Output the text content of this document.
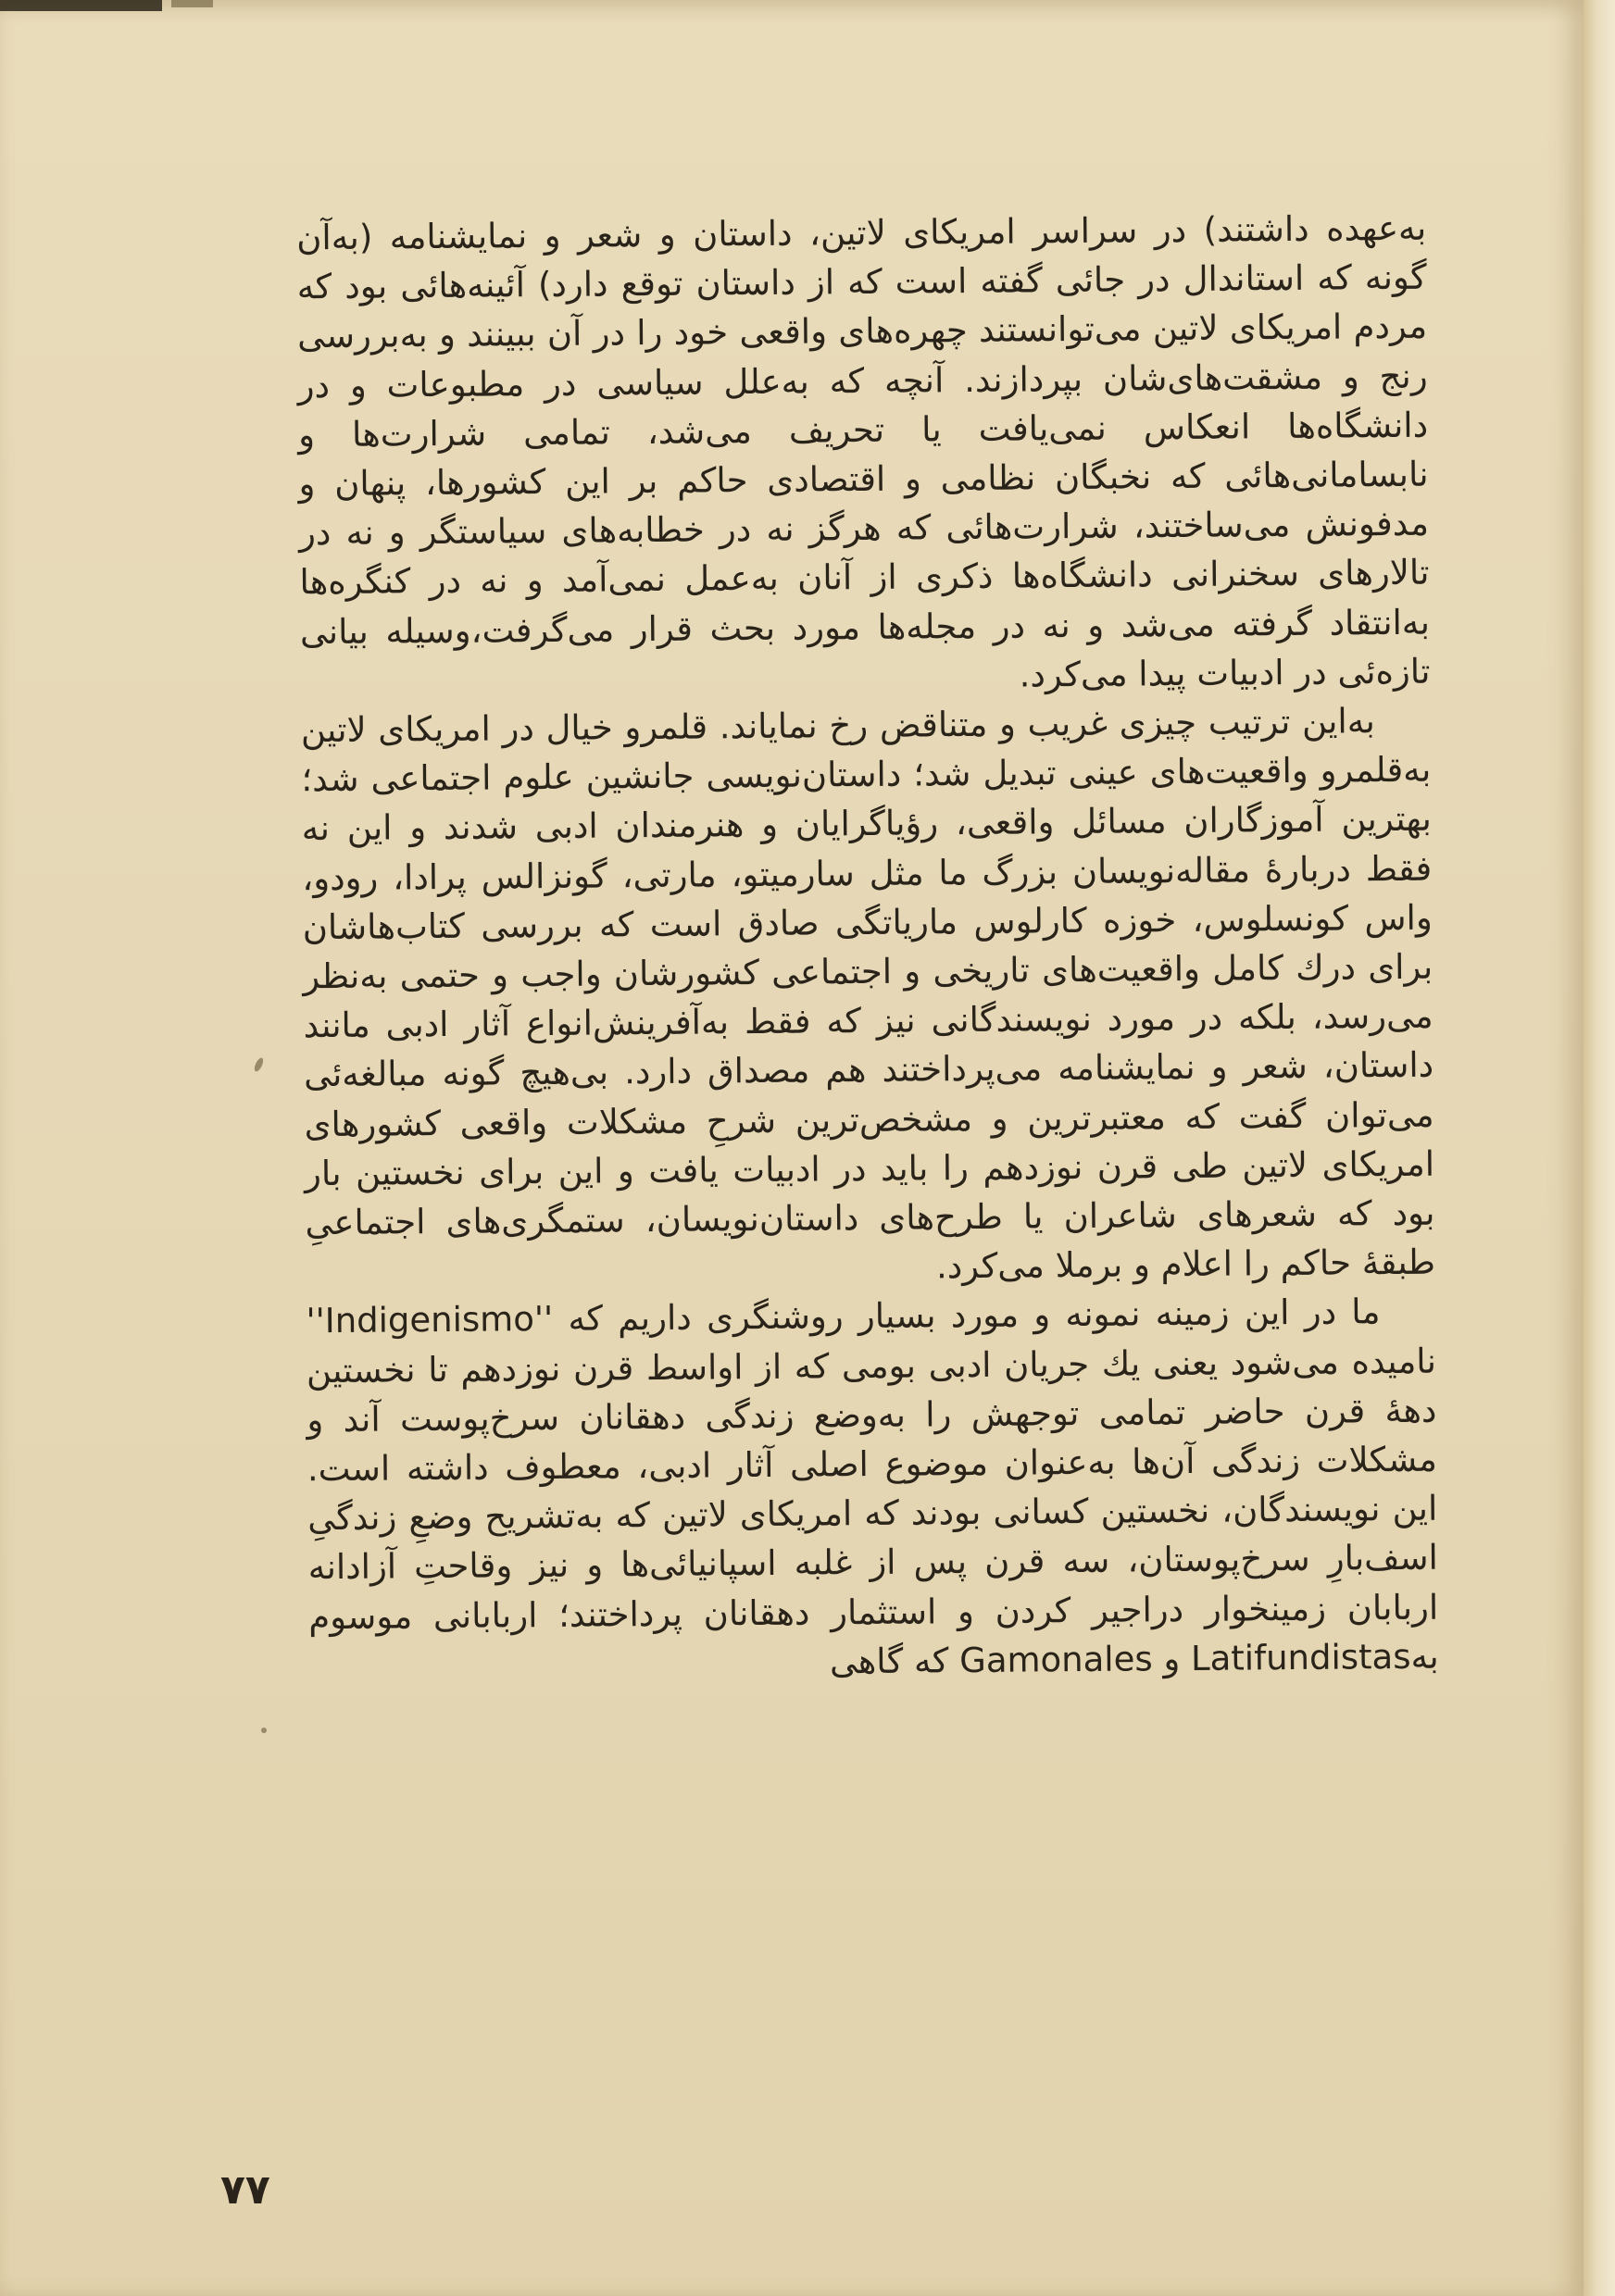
به‌عهده داشتند) در سراسر امریکای لاتین، داستان و شعر و نمایشنامه (به‌آن گونه که استاندال در جائی گفته است که از داستان توقع دارد) آئینه‌هائی بود که مردم امریکای لاتین می‌توانستند چهره‌های واقعی خود را در آن ببینند و به‌بررسی رنج و مشقت‌های‌شان بپردازند. آنچه که به‌علل سیاسی در مطبوعات و در دانشگاه‌ها انعکاس نمی‌یافت یا تحریف می‌شد، تمامی شرارت‌ها و نابسامانی‌هائی که نخبگان نظامی و اقتصادی حاکم بر این کشورها، پنهان و مدفونش می‌ساختند، شرارت‌هائی که هرگز نه در خطابه‌های سیاستگر و نه در تالارهای سخنرانی دانشگاه‌ها ذکری از آنان به‌عمل نمی‌آمد و نه در کنگره‌ها به‌انتقاد گرفته می‌شد و نه در مجله‌ها مورد بحث قرار می‌گرفت،وسیله بیانی تازه‌ئی در ادبیات پیدا می‌کرد.

به‌این ترتیب چیزی غریب و متناقض رخ نمایاند. قلمرو خیال در امریکای لاتین به‌قلمرو واقعیت‌های عینی تبدیل شد؛ داستان‌نویسی جانشین علوم اجتماعی شد؛ بهترین آموزگاران مسائل واقعی، رؤیاگرایان و هنرمندان ادبی شدند و این نه فقط دربارهٔ مقاله‌نویسان بزرگ ما مثل سارمیتو، مارتی، گونزالس پرادا، رودو، واس کونسلوس، خوزه کارلوس ماریاتگی صادق است که بررسی کتاب‌هاشان برای درك کامل واقعیت‌های تاریخی و اجتماعی کشورشان واجب و حتمی به‌نظر می‌رسد، بلکه در مورد نویسندگانی نیز که فقط به‌آفرینش‌انواع آثار ادبی مانند داستان، شعر و نمایشنامه می‌پرداختند هم مصداق دارد. بی‌هیچ گونه مبالغه‌ئی می‌توان گفت که معتبرترین و مشخص‌ترین شرحِ مشکلات واقعی کشورهای امریکای لاتین طی قرن نوزدهم را باید در ادبیات یافت و این برای نخستین بار بود که شعرهای شاعران یا طرح‌های داستان‌نویسان، ستمگری‌های اجتماعیِ طبقهٔ حاکم را اعلام و برملا می‌کرد.

ما در این زمینه نمونه و مورد بسیار روشنگری داریم که ''Indigenismo'' نامیده می‌شود یعنی یك جریان ادبی بومی که از اواسط قرن نوزدهم تا نخستین دههٔ قرن حاضر تمامی توجهش را به‌وضع زندگی دهقانان سرخ‌پوست آند و مشکلات زندگی آن‌ها به‌عنوان موضوع اصلی آثار ادبی، معطوف داشته است. این نویسندگان، نخستین کسانی بودند که امریکای لاتین که به‌تشریح وضعِ زندگیِ اسف‌بارِ سرخ‌پوستان، سه قرن پس از غلبه اسپانیائی‌ها و نیز وقاحتِ آزادانه اربابان زمینخوار دراجیر کردن و استثمار دهقانان پرداختند؛ اربابانی موسوم به‌Latifundistas و Gamonales که گاهی

۷۷
